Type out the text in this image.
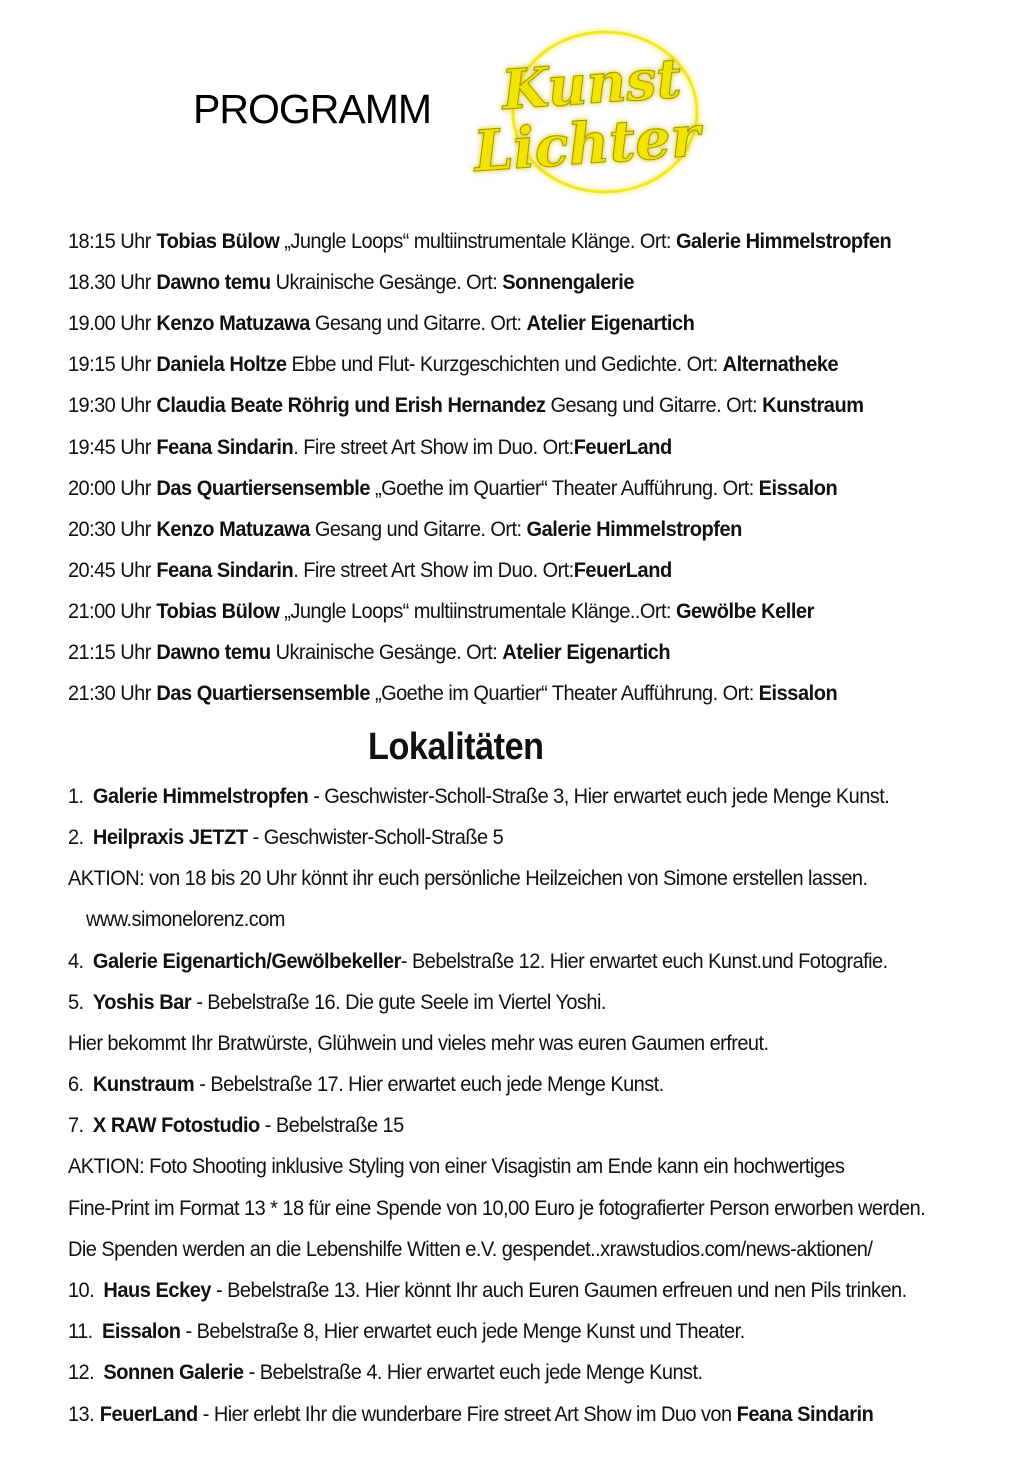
PROGRAMM Kunst
Lichter
18:15 Uhr Tobias Bülow „Jungle Loops“ multiinstrumentale Klänge. Ort: Galerie Himmelstropfen
18.30 Uhr Dawno temu Ukrainische Gesänge. Ort: Sonnengalerie
19.00 Uhr Kenzo Matuzawa Gesang und Gitarre. Ort: Atelier Eigenartich
19:15 Uhr Daniela Holtze Ebbe und Flut- Kurzgeschichten und Gedichte. Ort: Alternatheke
19:30 Uhr Claudia Beate Röhrig und Erish Hernandez Gesang und Gitarre. Ort: Kunstraum
19:45 Uhr Feana Sindarin. Fire street Art Show im Duo. Ort:FeuerLand
20:00 Uhr Das Quartiersensemble „Goethe im Quartier“ Theater Aufführung. Ort: Eissalon
20:30 Uhr Kenzo Matuzawa Gesang und Gitarre. Ort: Galerie Himmelstropfen
20:45 Uhr Feana Sindarin. Fire street Art Show im Duo. Ort:FeuerLand
21:00 Uhr Tobias Bülow „Jungle Loops“ multiinstrumentale Klänge..Ort: Gewölbe Keller
21:15 Uhr Dawno temu Ukrainische Gesänge. Ort: Atelier Eigenartich
21:30 Uhr Das Quartiersensemble „Goethe im Quartier“ Theater Aufführung. Ort: Eissalon
Lokalitäten
1. Galerie Himmelstropfen - Geschwister-Scholl-Straße 3, Hier erwartet euch jede Menge Kunst.
2. Heilpraxis JETZT - Geschwister-Scholl-Straße 5
AKTION: von 18 bis 20 Uhr könnt ihr euch persönliche Heilzeichen von Simone erstellen lassen.
www.simonelorenz.com
4. Galerie Eigenartich/Gewölbekeller- Bebelstraße 12. Hier erwartet euch Kunst.und Fotografie.
5. Yoshis Bar - Bebelstraße 16. Die gute Seele im Viertel Yoshi.
Hier bekommt Ihr Bratwürste, Glühwein und vieles mehr was euren Gaumen erfreut.
6. Kunstraum - Bebelstraße 17. Hier erwartet euch jede Menge Kunst.
7. X RAW Fotostudio - Bebelstraße 15
AKTION: Foto Shooting inklusive Styling von einer Visagistin am Ende kann ein hochwertiges
Fine-Print im Format 13 * 18 für eine Spende von 10,00 Euro je fotografierter Person erworben werden.
Die Spenden werden an die Lebenshilfe Witten e.V. gespendet..xrawstudios.com/news-aktionen/
10. Haus Eckey - Bebelstraße 13. Hier könnt Ihr auch Euren Gaumen erfreuen und nen Pils trinken.
11. Eissalon - Bebelstraße 8, Hier erwartet euch jede Menge Kunst und Theater.
12. Sonnen Galerie - Bebelstraße 4. Hier erwartet euch jede Menge Kunst.
13. FeuerLand - Hier erlebt Ihr die wunderbare Fire street Art Show im Duo von Feana Sindarin
